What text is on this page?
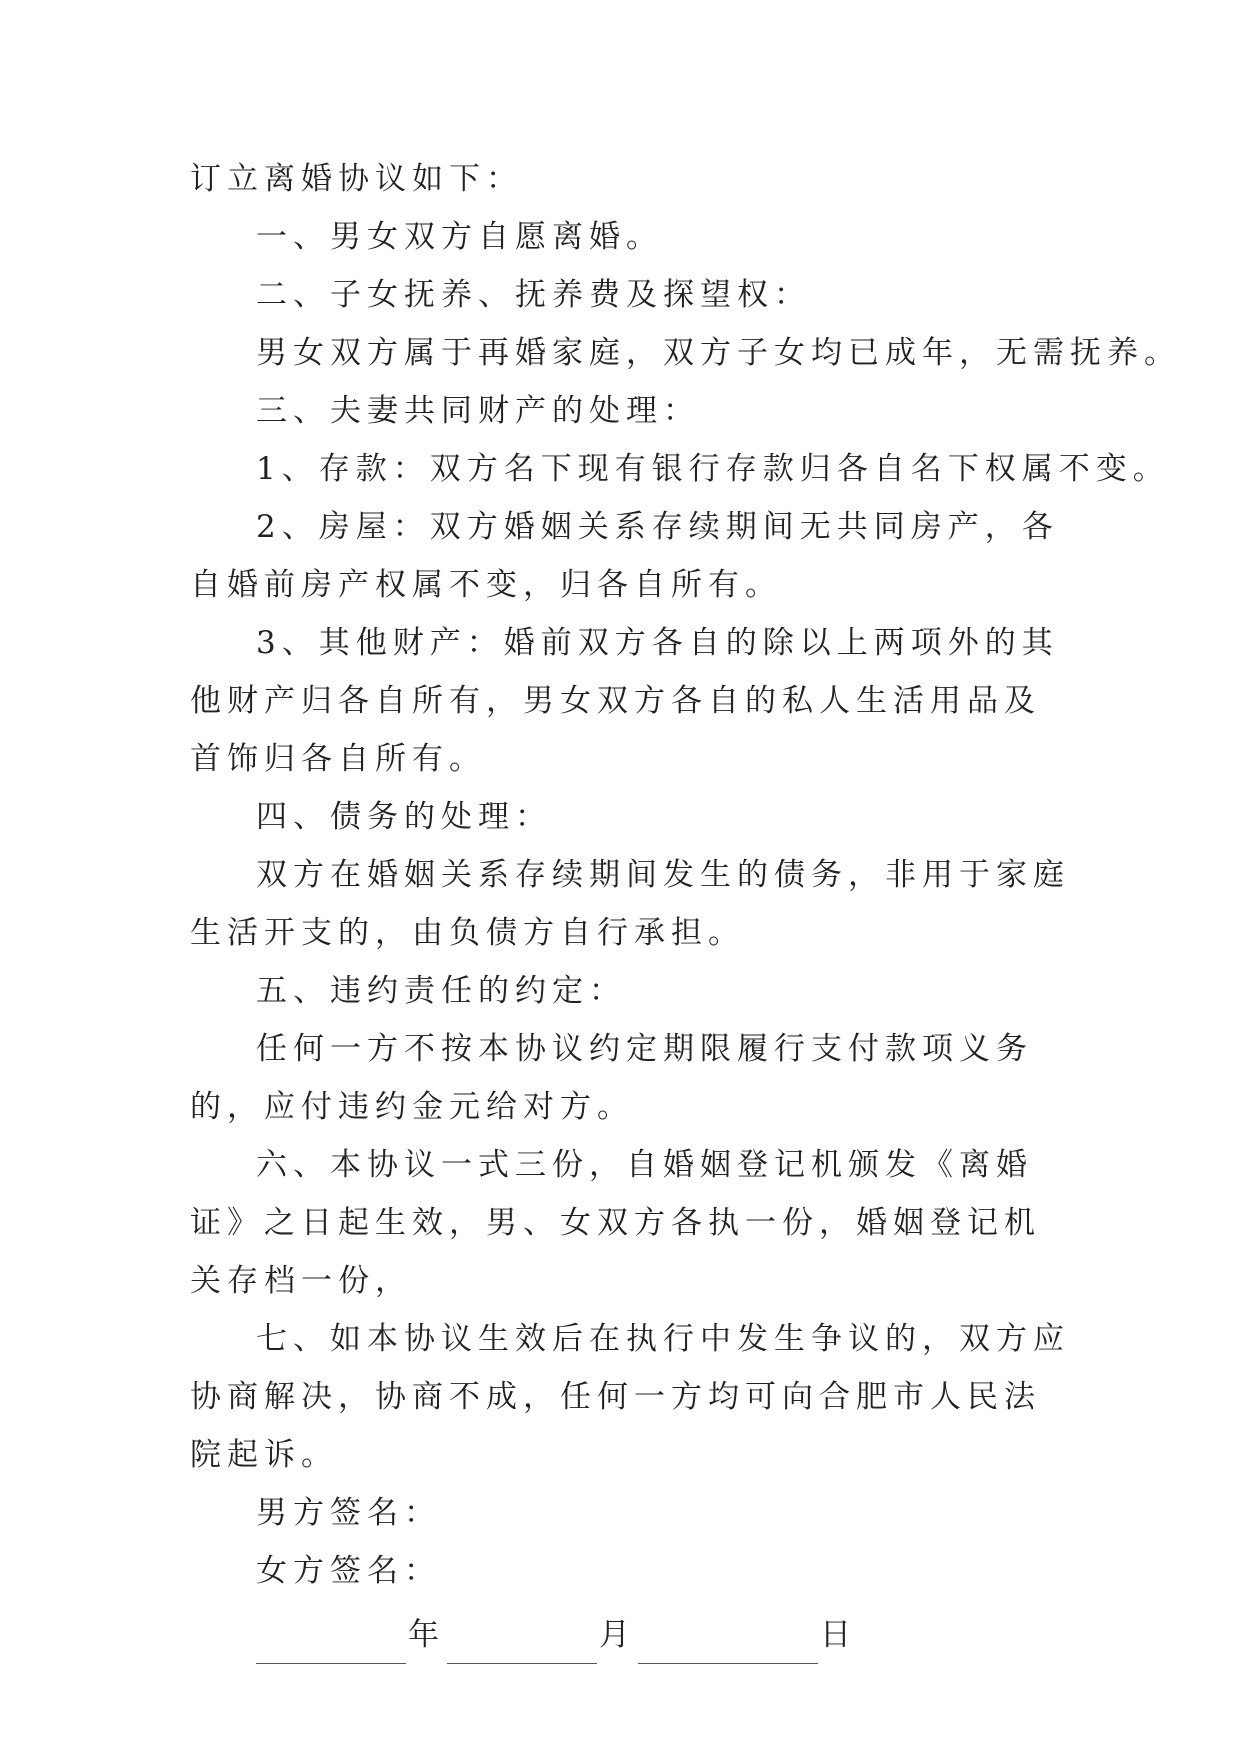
订立离婚协议如下：

一、男女双方自愿离婚。

二、子女抚养、抚养费及探望权：

男女双方属于再婚家庭，双方子女均已成年，无需抚养。

三、夫妻共同财产的处理：

1、存款：双方名下现有银行存款归各自名下权属不变。

2、房屋：双方婚姻关系存续期间无共同房产，各自婚前房产权属不变，归各自所有。

3、其他财产：婚前双方各自的除以上两项外的其他财产归各自所有，男女双方各自的私人生活用品及首饰归各自所有。

四、债务的处理：

双方在婚姻关系存续期间发生的债务，非用于家庭生活开支的，由负债方自行承担。

五、违约责任的约定：

任何一方不按本协议约定期限履行支付款项义务的，应付违约金元给对方。

六、本协议一式三份，自婚姻登记机颁发《离婚证》之日起生效，男、女双方各执一份，婚姻登记机关存档一份，

七、如本协议生效后在执行中发生争议的，双方应协商解决，协商不成，任何一方均可向合肥市人民法院起诉。

男方签名：

女方签名：

年	月	日
